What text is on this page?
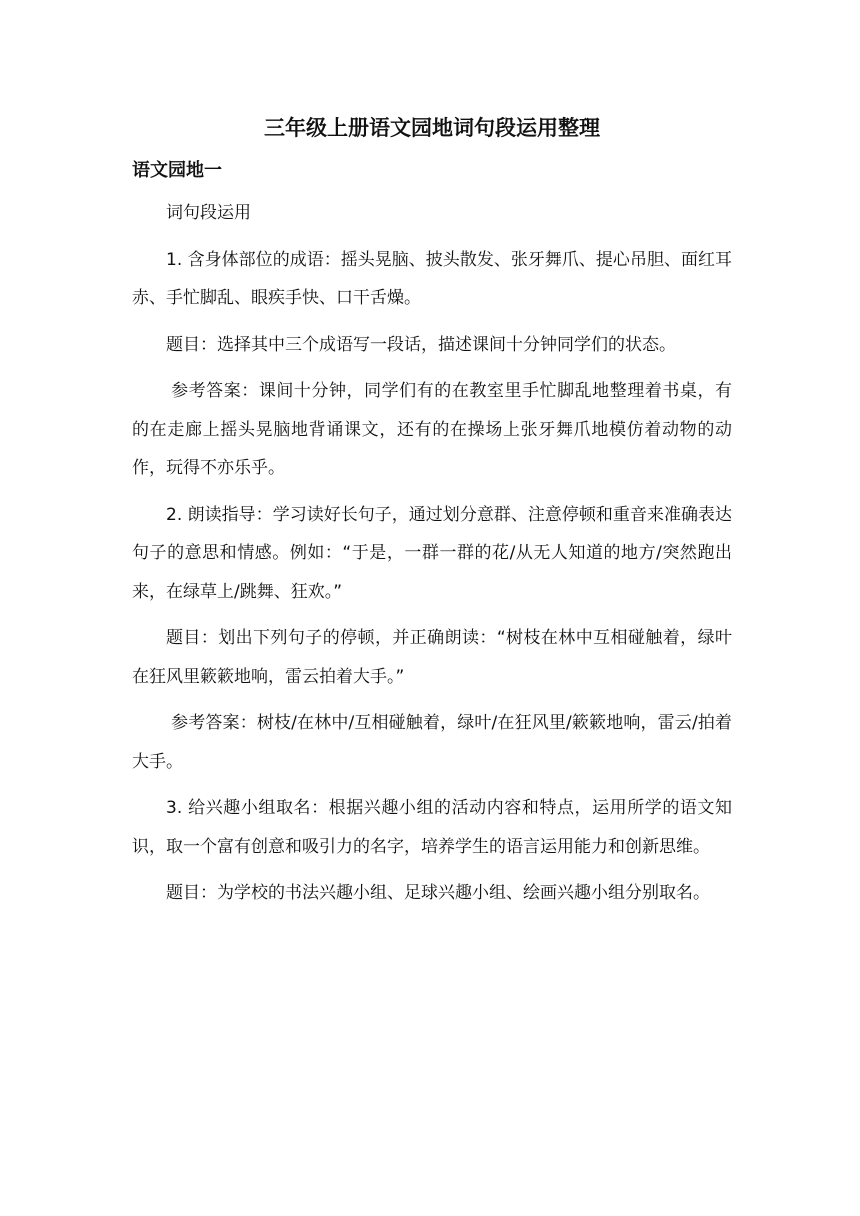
三年级上册语文园地词句段运用整理
语文园地一

词句段运用

1. 含身体部位的成语：摇头晃脑、披头散发、张牙舞爪、提心吊胆、面红耳赤、手忙脚乱、眼疾手快、口干舌燥。

题目：选择其中三个成语写一段话，描述课间十分钟同学们的状态。

参考答案：课间十分钟，同学们有的在教室里手忙脚乱地整理着书桌，有的在走廊上摇头晃脑地背诵课文，还有的在操场上张牙舞爪地模仿着动物的动作，玩得不亦乐乎。

2. 朗读指导：学习读好长句子，通过划分意群、注意停顿和重音来准确表达句子的意思和情感。例如：“于是，一群一群的花/从无人知道的地方/突然跑出来，在绿草上/跳舞、狂欢。”

题目：划出下列句子的停顿，并正确朗读：“树枝在林中互相碰触着，绿叶在狂风里簌簌地响，雷云拍着大手。”

参考答案：树枝/在林中/互相碰触着，绿叶/在狂风里/簌簌地响，雷云/拍着大手。

3. 给兴趣小组取名：根据兴趣小组的活动内容和特点，运用所学的语文知识，取一个富有创意和吸引力的名字，培养学生的语言运用能力和创新思维。

题目：为学校的书法兴趣小组、足球兴趣小组、绘画兴趣小组分别取名。
